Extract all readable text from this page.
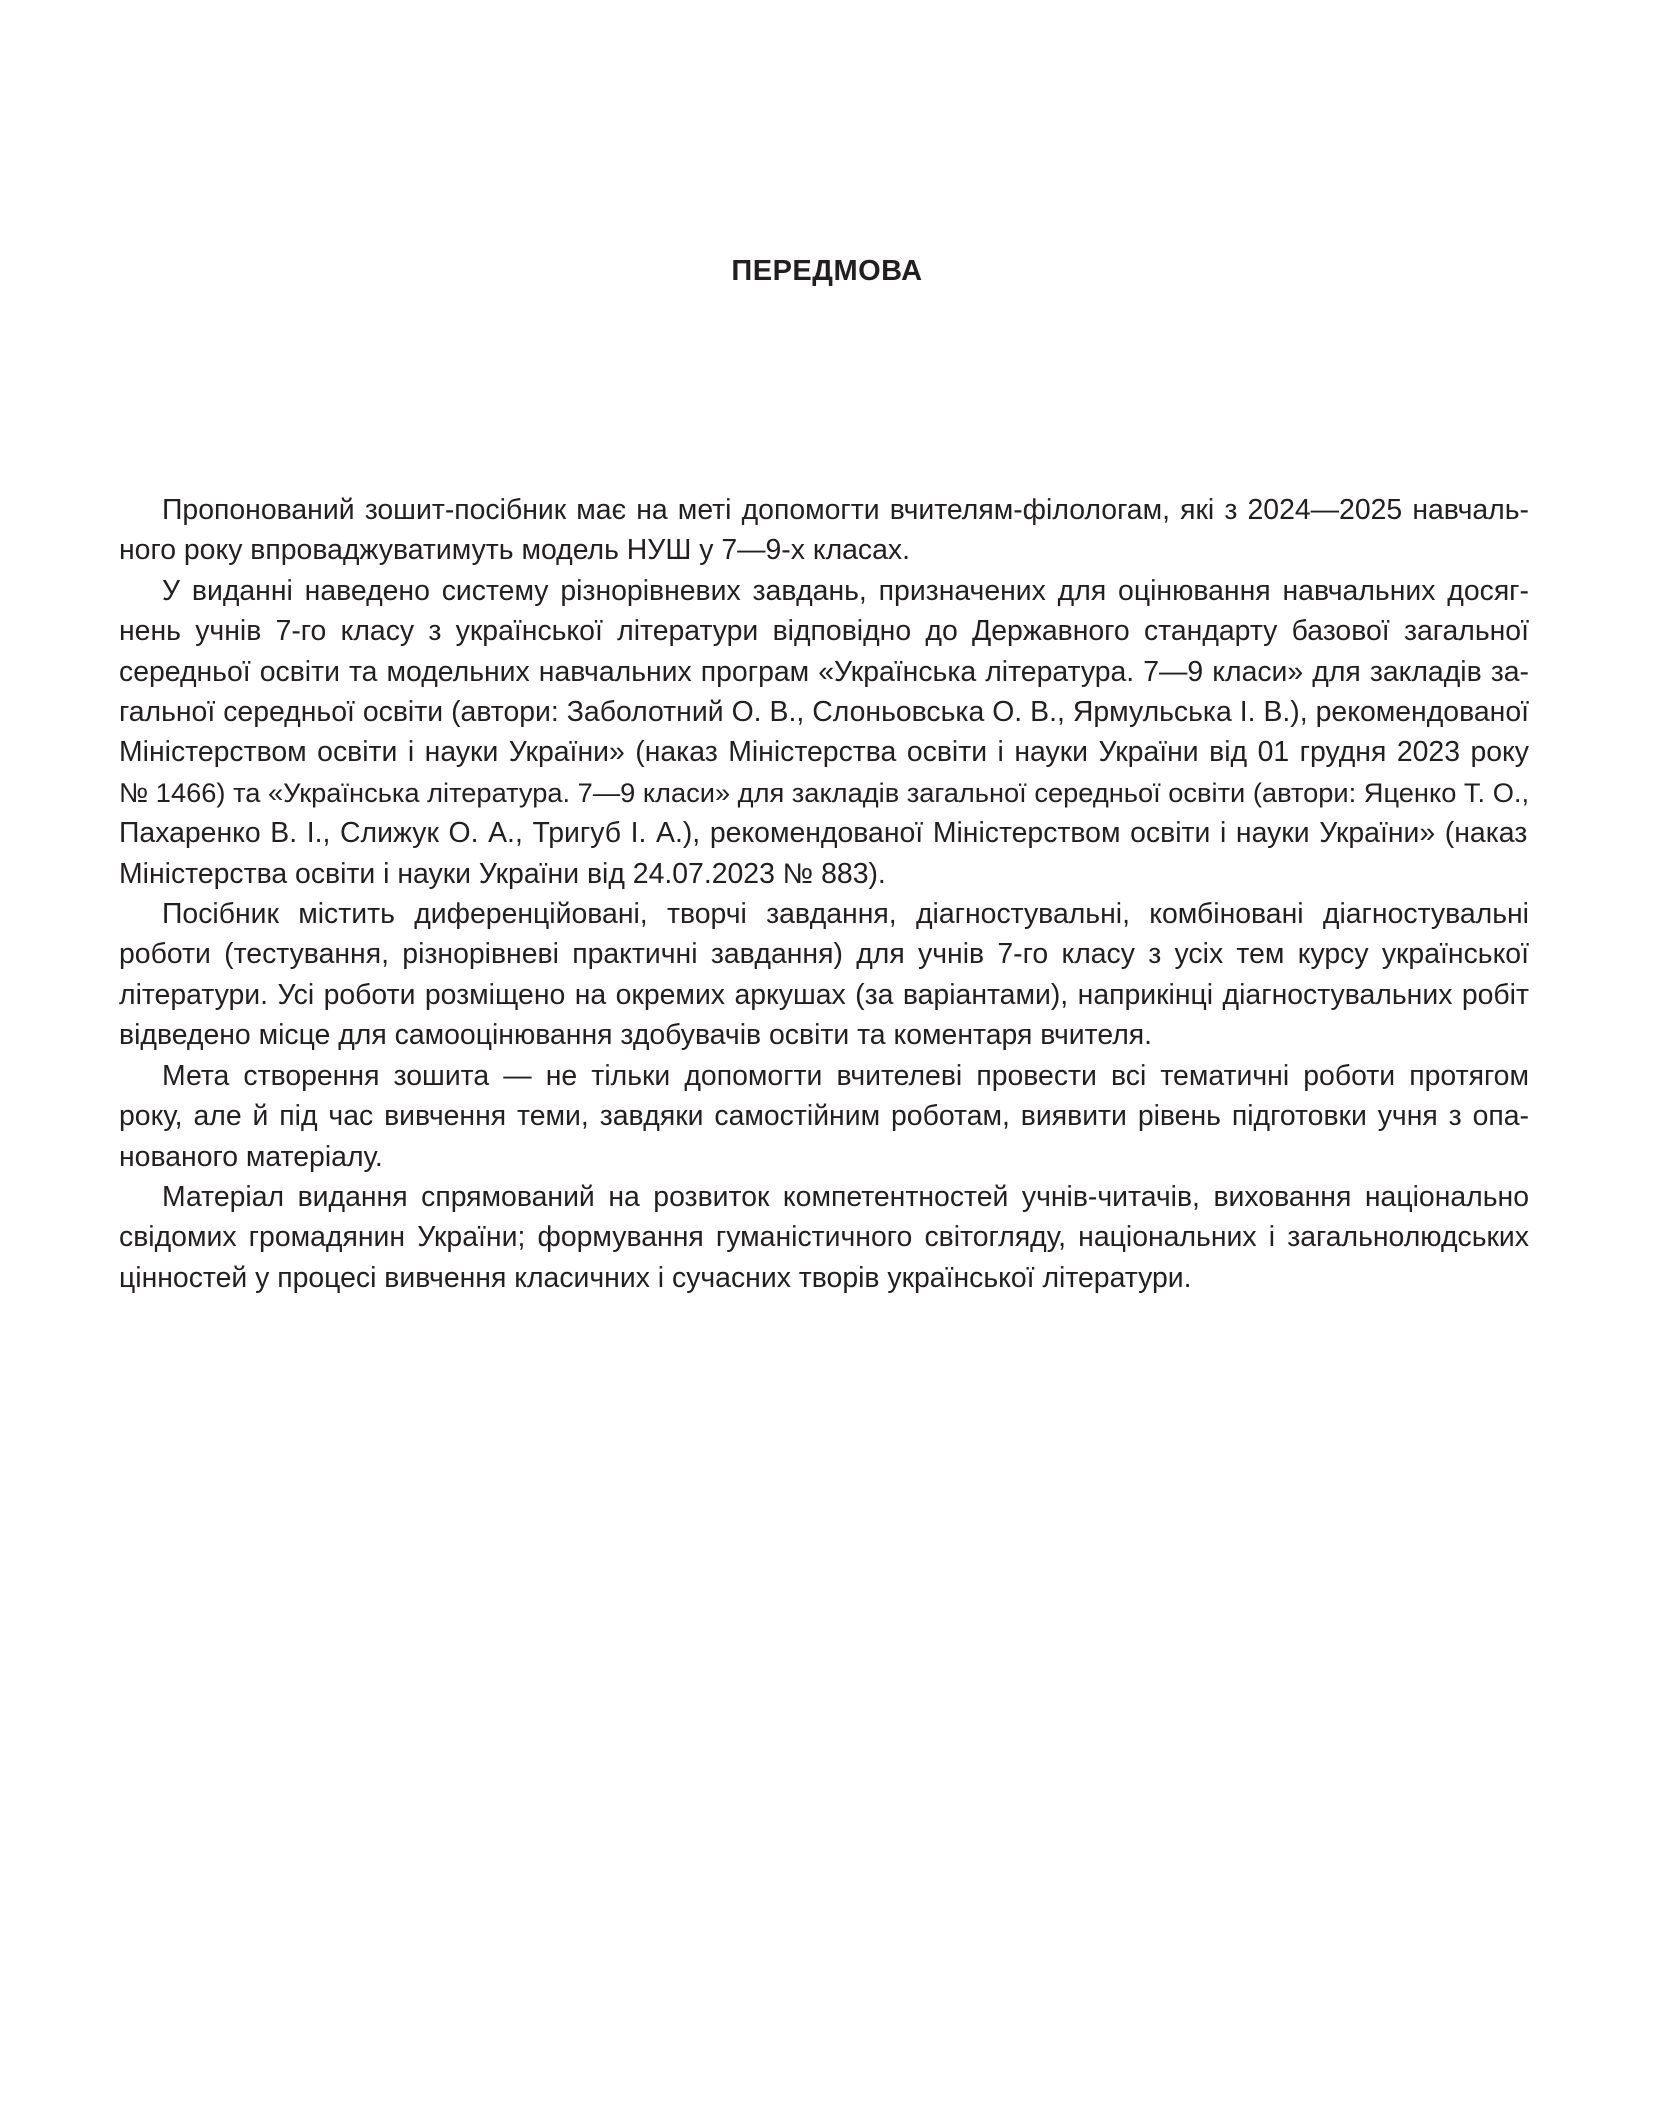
ПЕРЕДМОВА

Пропонований зошит-посібник має на меті допомогти вчителям-філологам, які з 2024—2025 навчаль-
ного року впроваджуватимуть модель НУШ у 7—9-х класах.

У виданні наведено систему різнорівневих завдань, призначених для оцінювання навчальних досяг-
нень учнів 7-го класу з української літератури відповідно до Державного стандарту базової загальної
середньої освіти та модельних навчальних програм «Українська література. 7—9 класи» для закладів за-
гальної середньої освіти (автори: Заболотний О. В., Слоньовська О. В., Ярмульська І. В.), рекомендованої
Міністерством освіти і науки України» (наказ Міністерства освіти і науки України від 01 грудня 2023 року
№ 1466) та «Українська література. 7—9 класи» для закладів загальної середньої освіти (автори: Яценко Т. О.,
Пахаренко В. І., Слижук О. А., Тригуб І. А.), рекомендованої Міністерством освіти і науки України» (наказ
Міністерства освіти і науки України від 24.07.2023 № 883).

Посібник містить диференційовані, творчі завдання, діагностувальні, комбіновані діагностувальні
роботи (тестування, різнорівневі практичні завдання) для учнів 7-го класу з усіх тем курсу української
літератури. Усі роботи розміщено на окремих аркушах (за варіантами), наприкінці діагностувальних робіт
відведено місце для самооцінювання здобувачів освіти та коментаря вчителя.

Мета створення зошита — не тільки допомогти вчителеві провести всі тематичні роботи протягом
року, але й під час вивчення теми, завдяки самостійним роботам, виявити рівень підготовки учня з опа-
нованого матеріалу.

Матеріал видання спрямований на розвиток компетентностей учнів-читачів, виховання національно
свідомих громадянин України; формування гуманістичного світогляду, національних і загальнолюдських
цінностей у процесі вивчення класичних і сучасних творів української літератури.
